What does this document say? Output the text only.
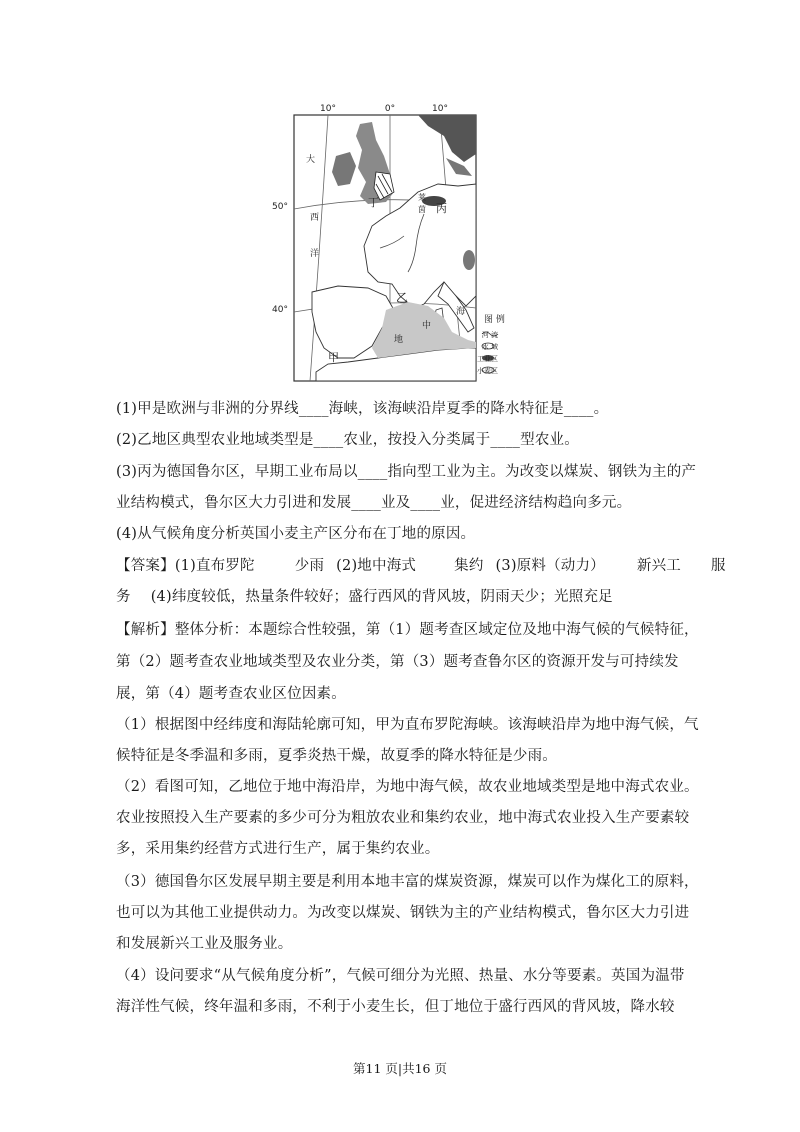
10°	0°	10°
50°
40°
大
西
洋
地
中
海
丁	丙
乙
甲
莱
茵
图 例
河 流
水 域
工业区
小麦区
(1)甲是欧洲与非洲的分界线____海峡，该海峡沿岸夏季的降水特征是____。
(2)乙地区典型农业地域类型是____农业，按投入分类属于____型农业。
(3)丙为德国鲁尔区，早期工业布局以____指向型工业为主。为改变以煤炭、钢铁为主的产
业结构模式，鲁尔区大力引进和发展____业及____业，促进经济结构趋向多元。
(4)从气候角度分析英国小麦主产区分布在丁地的原因。
【答案】(1)直布罗陀	少雨 (2)地中海式	集约 (3)原料（动力） 新兴工 服
务 (4)纬度较低，热量条件较好；盛行西风的背风坡，阴雨天少；光照充足
【解析】整体分析：本题综合性较强，第（1）题考查区域定位及地中海气候的气候特征，
第（2）题考查农业地域类型及农业分类，第（3）题考查鲁尔区的资源开发与可持续发
展，第（4）题考查农业区位因素。
（1）根据图中经纬度和海陆轮廓可知，甲为直布罗陀海峡。该海峡沿岸为地中海气候，气
候特征是冬季温和多雨，夏季炎热干燥，故夏季的降水特征是少雨。
（2）看图可知，乙地位于地中海沿岸，为地中海气候，故农业地域类型是地中海式农业。
农业按照投入生产要素的多少可分为粗放农业和集约农业，地中海式农业投入生产要素较
多，采用集约经营方式进行生产，属于集约农业。
（3）德国鲁尔区发展早期主要是利用本地丰富的煤炭资源，煤炭可以作为煤化工的原料，
也可以为其他工业提供动力。为改变以煤炭、钢铁为主的产业结构模式，鲁尔区大力引进
和发展新兴工业及服务业。
（4）设问要求“从气候角度分析”，气候可细分为光照、热量、水分等要素。英国为温带
海洋性气候，终年温和多雨，不利于小麦生长，但丁地位于盛行西风的背风坡，降水较
第11 页|共16 页
